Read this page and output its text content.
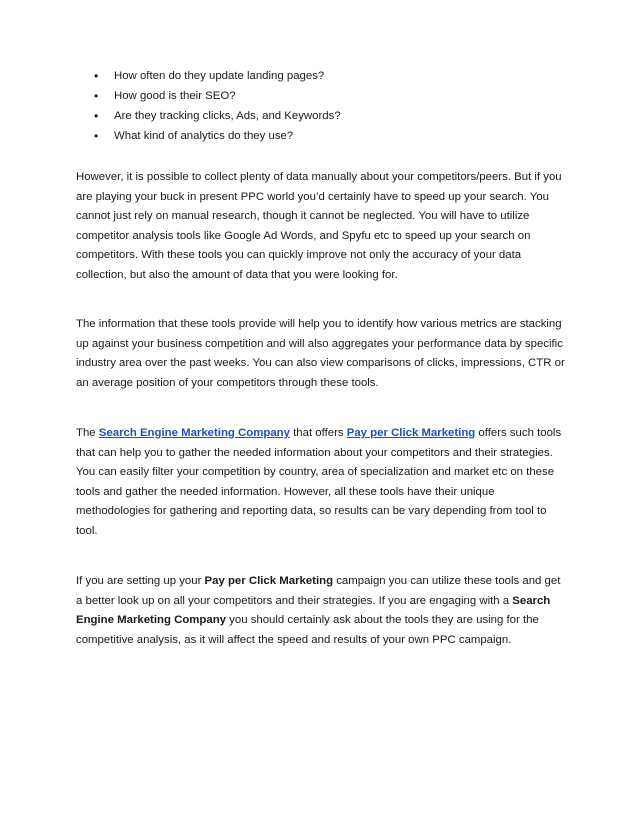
• How often do they update landing pages?
• How good is their SEO?
• Are they tracking clicks, Ads, and Keywords?
• What kind of analytics do they use?

However, it is possible to collect plenty of data manually about your competitors/peers. But if you are playing your buck in present PPC world you’d certainly have to speed up your search. You cannot just rely on manual research, though it cannot be neglected. You will have to utilize competitor analysis tools like Google Ad Words, and Spyfu etc to speed up your search on competitors. With these tools you can quickly improve not only the accuracy of your data collection, but also the amount of data that you were looking for.

The information that these tools provide will help you to identify how various metrics are stacking up against your business competition and will also aggregates your performance data by specific industry area over the past weeks. You can also view comparisons of clicks, impressions, CTR or an average position of your competitors through these tools.

The Search Engine Marketing Company that offers Pay per Click Marketing offers such tools that can help you to gather the needed information about your competitors and their strategies. You can easily filter your competition by country, area of specialization and market etc on these tools and gather the needed information. However, all these tools have their unique methodologies for gathering and reporting data, so results can be vary depending from tool to tool.

If you are setting up your Pay per Click Marketing campaign you can utilize these tools and get a better look up on all your competitors and their strategies. If you are engaging with a Search Engine Marketing Company you should certainly ask about the tools they are using for the competitive analysis, as it will affect the speed and results of your own PPC campaign.
